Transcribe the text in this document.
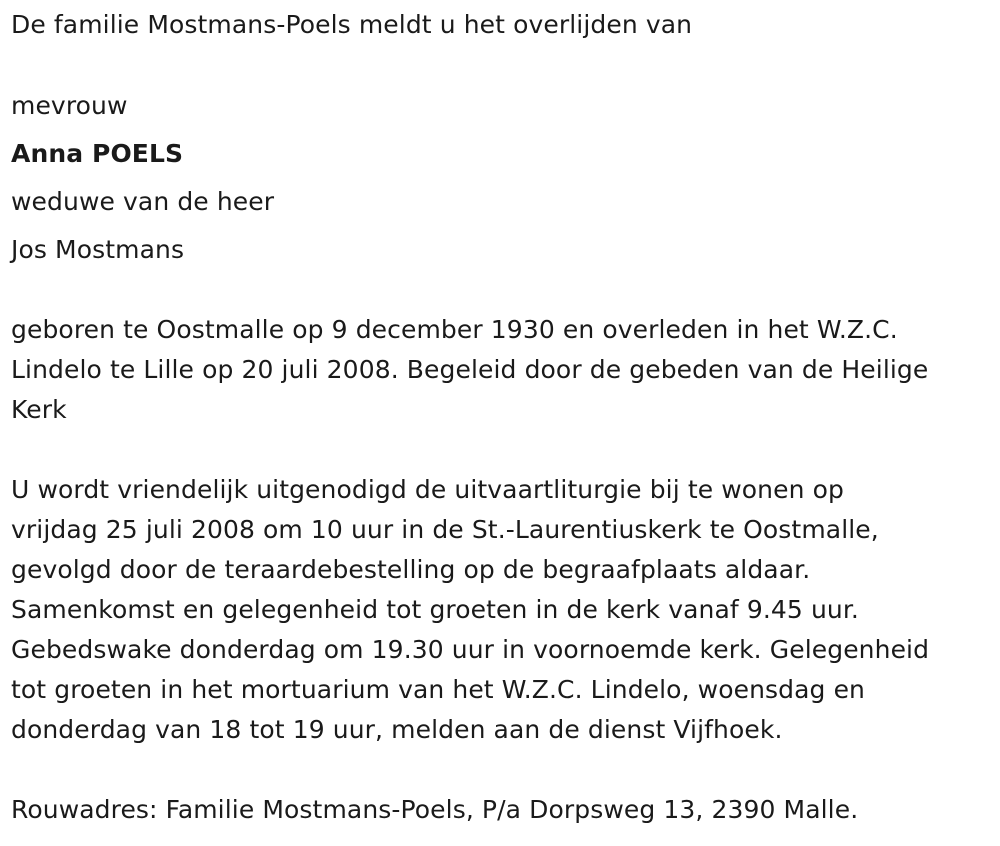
De familie Mostmans-Poels meldt u het overlijden van
mevrouw
Anna POELS
weduwe van de heer
Jos Mostmans
geboren te Oostmalle op 9 december 1930 en overleden in het W.Z.C.
Lindelo te Lille op 20 juli 2008. Begeleid door de gebeden van de Heilige
Kerk
U wordt vriendelijk uitgenodigd de uitvaartliturgie bij te wonen op
vrijdag 25 juli 2008 om 10 uur in de St.-Laurentiuskerk te Oostmalle,
gevolgd door de teraardebestelling op de begraafplaats aldaar.
Samenkomst en gelegenheid tot groeten in de kerk vanaf 9.45 uur.
Gebedswake donderdag om 19.30 uur in voornoemde kerk. Gelegenheid
tot groeten in het mortuarium van het W.Z.C. Lindelo, woensdag en
donderdag van 18 tot 19 uur, melden aan de dienst Vijfhoek.
Rouwadres: Familie Mostmans-Poels, P/a Dorpsweg 13, 2390 Malle.
